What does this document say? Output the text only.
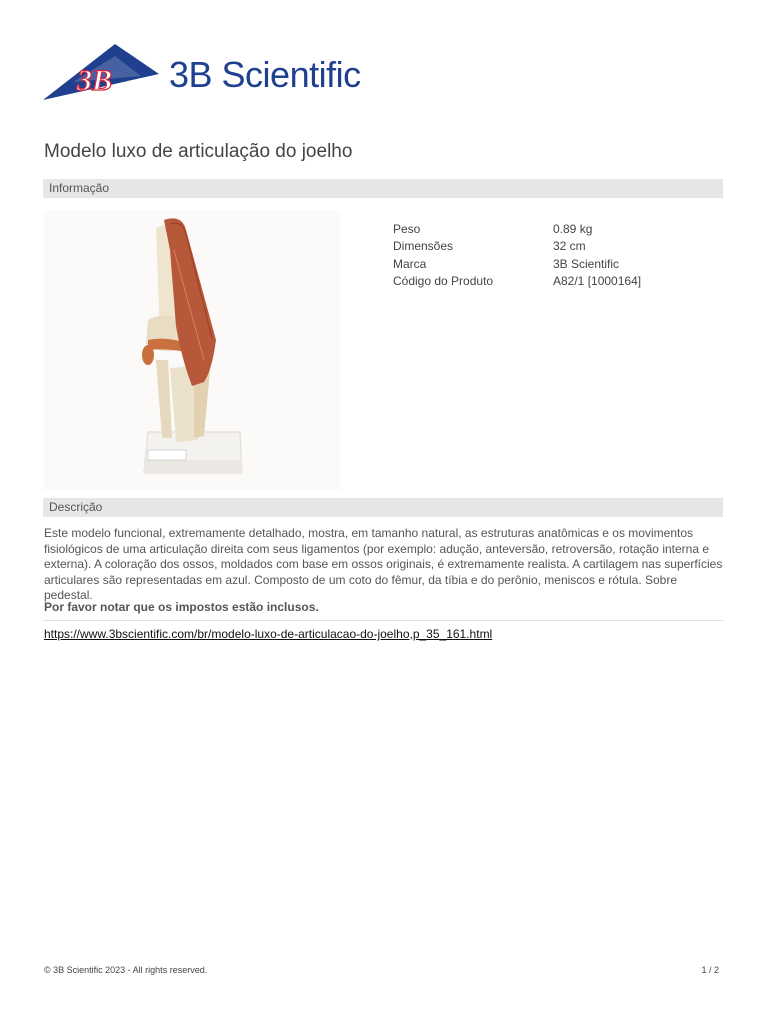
3B 3B Scientific
Modelo luxo de articulação do joelho
Informação
Peso	0.89 kg
Dimensões	32 cm
Marca	3B Scientific
Código do Produto	A82/1 [1000164]
Descrição

Este modelo funcional, extremamente detalhado, mostra, em tamanho natural, as estruturas anatômicas e os movimentos fisiológicos de uma articulação direita com seus ligamentos (por exemplo: adução, anteversão, retroversão, rotação interna e externa). A coloração dos ossos, moldados com base em ossos originais, é extremamente realista. A cartilagem nas superfícies articulares são representadas em azul. Composto de um coto do fêmur, da tíbia e do perônio, meniscos e rótula. Sobre pedestal.

Por favor notar que os impostos estão inclusos.

https://www.3bscientific.com/br/modelo-luxo-de-articulacao-do-joelho,p_35_161.html
© 3B Scientific 2023 - All rights reserved.	1 / 2
